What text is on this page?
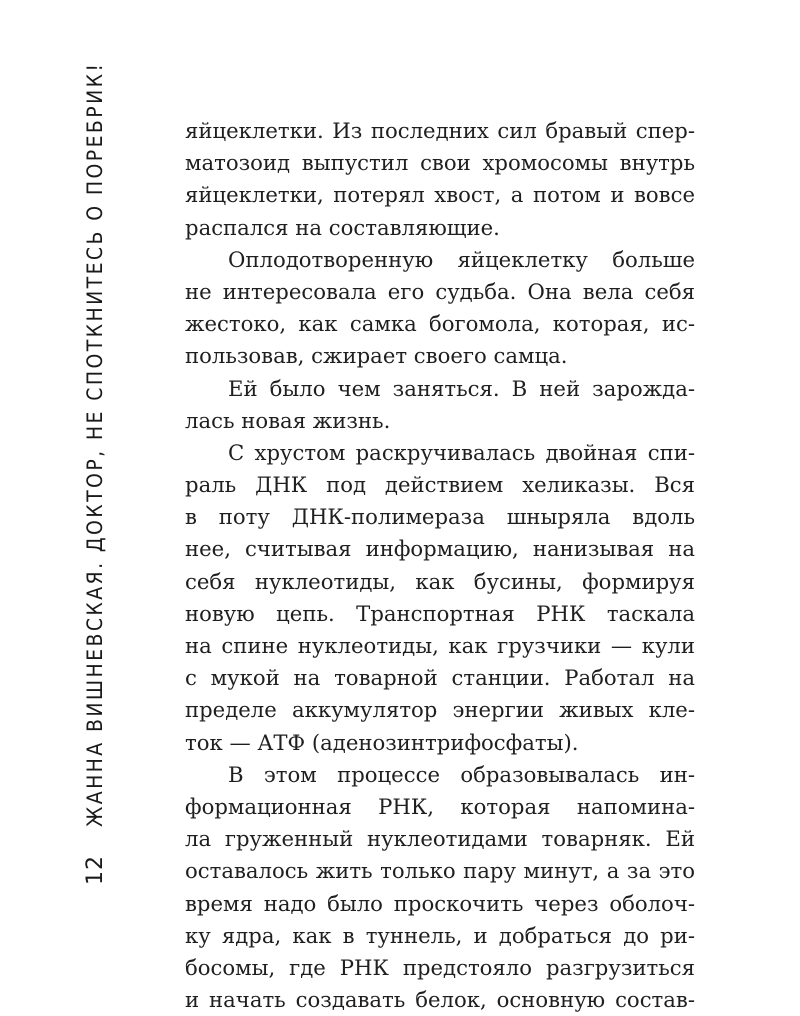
12
ЖАННА ВИШНЕВСКАЯ. ДОКТОР, НЕ СПОТКНИТЕСЬ О ПОРЕБРИК!	яйцеклетки. Из последних сил бравый спер-
матозоид выпустил свои хромосомы внутрь
яйцеклетки, потерял хвост, а потом и вовсе
распался на составляющие.
Оплодотворенную яйцеклетку больше
не интересовала его судьба. Она вела себя
жестоко, как самка богомола, которая, ис-
пользовав, сжирает своего самца.
Ей было чем заняться. В ней зарожда-
лась новая жизнь.
С хрустом раскручивалась двойная спи-
раль ДНК под действием хеликазы. Вся
в поту ДНК-полимераза шныряла вдоль
нее, считывая информацию, нанизывая на
себя нуклеотиды, как бусины, формируя
новую цепь. Транспортная РНК таскала
на спине нуклеотиды, как грузчики — кули
с мукой на товарной станции. Работал на
пределе аккумулятор энергии живых кле-
ток — АТФ (аденозинтрифосфаты).
В этом процессе образовывалась ин-
формационная РНК, которая напомина-
ла груженный нуклеотидами товарняк. Ей
оставалось жить только пару минут, а за это
время надо было проскочить через оболоч-
ку ядра, как в туннель, и добраться до ри-
босомы, где РНК предстояло разгрузиться
и начать создавать белок, основную состав-
